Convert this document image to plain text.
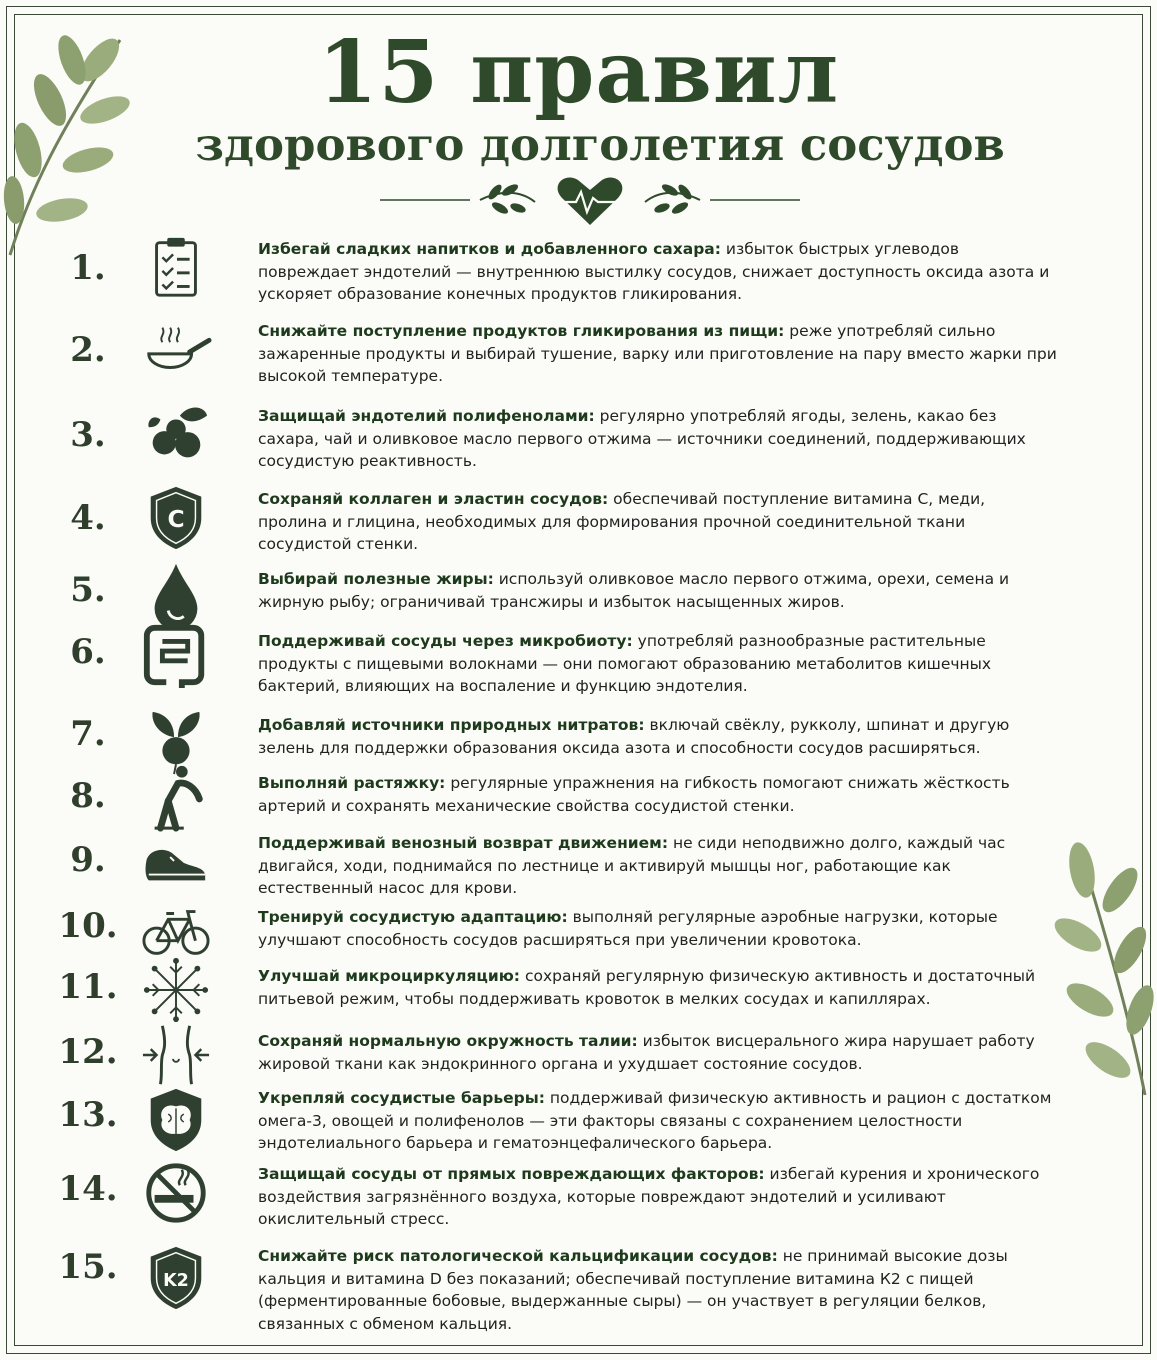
15 правил
здорового долголетия сосудов
1.	Избегай сладких напитков и добавленного сахара: избыток быстрых углеводов повреждает эндотелий — внутреннюю выстилку сосудов, снижает доступность оксида азота и ускоряет образование конечных продуктов гликирования.
2.	Снижайте поступление продуктов гликирования из пищи: реже употребляй сильно зажаренные продукты и выбирай тушение, варку или приготовление на пару вместо жарки при высокой температуре.
3.	Защищай эндотелий полифенолами: регулярно употребляй ягоды, зелень, какао без сахара, чай и оливковое масло первого отжима — источники соединений, поддерживающих сосудистую реактивность.
4.	C
Сохраняй коллаген и эластин сосудов: обеспечивай поступление витамина С, меди, пролина и глицина, необходимых для формирования прочной соединительной ткани сосудистой стенки.
5.	Выбирай полезные жиры: используй оливковое масло первого отжима, орехи, семена и жирную рыбу; ограничивай трансжиры и избыток насыщенных жиров.
6.	Поддерживай сосуды через микробиоту: употребляй разнообразные растительные продукты с пищевыми волокнами — они помогают образованию метаболитов кишечных бактерий, влияющих на воспаление и функцию эндотелия.
7.	Добавляй источники природных нитратов: включай свёклу, рукколу, шпинат и другую зелень для поддержки образования оксида азота и способности сосудов расширяться.
8.	Выполняй растяжку: регулярные упражнения на гибкость помогают снижать жёсткость артерий и сохранять механические свойства сосудистой стенки.
9.	Поддерживай венозный возврат движением: не сиди неподвижно долго, каждый час двигайся, ходи, поднимайся по лестнице и активируй мышцы ног, работающие как естественный насос для крови.
10.	Тренируй сосудистую адаптацию: выполняй регулярные аэробные нагрузки, которые улучшают способность сосудов расширяться при увеличении кровотока.
11.	Улучшай микроциркуляцию: сохраняй регулярную физическую активность и достаточный питьевой режим, чтобы поддерживать кровоток в мелких сосудах и капиллярах.
12.	Сохраняй нормальную окружность талии: избыток висцерального жира нарушает работу жировой ткани как эндокринного органа и ухудшает состояние сосудов.
13.	Укрепляй сосудистые барьеры: поддерживай физическую активность и рацион с достатком омега-3, овощей и полифенолов — эти факторы связаны с сохранением целостности эндотелиального барьера и гематоэнцефалического барьера.
14.	Защищай сосуды от прямых повреждающих факторов: избегай курения и хронического воздействия загрязнённого воздуха, которые повреждают эндотелий и усиливают окислительный стресс.
15.	K2
Снижайте риск патологической кальцификации сосудов: не принимай высокие дозы кальция и витамина D без показаний; обеспечивай поступление витамина К2 с пищей (ферментированные бобовые, выдержанные сыры) — он участвует в регуляции белков, связанных с обменом кальция.
